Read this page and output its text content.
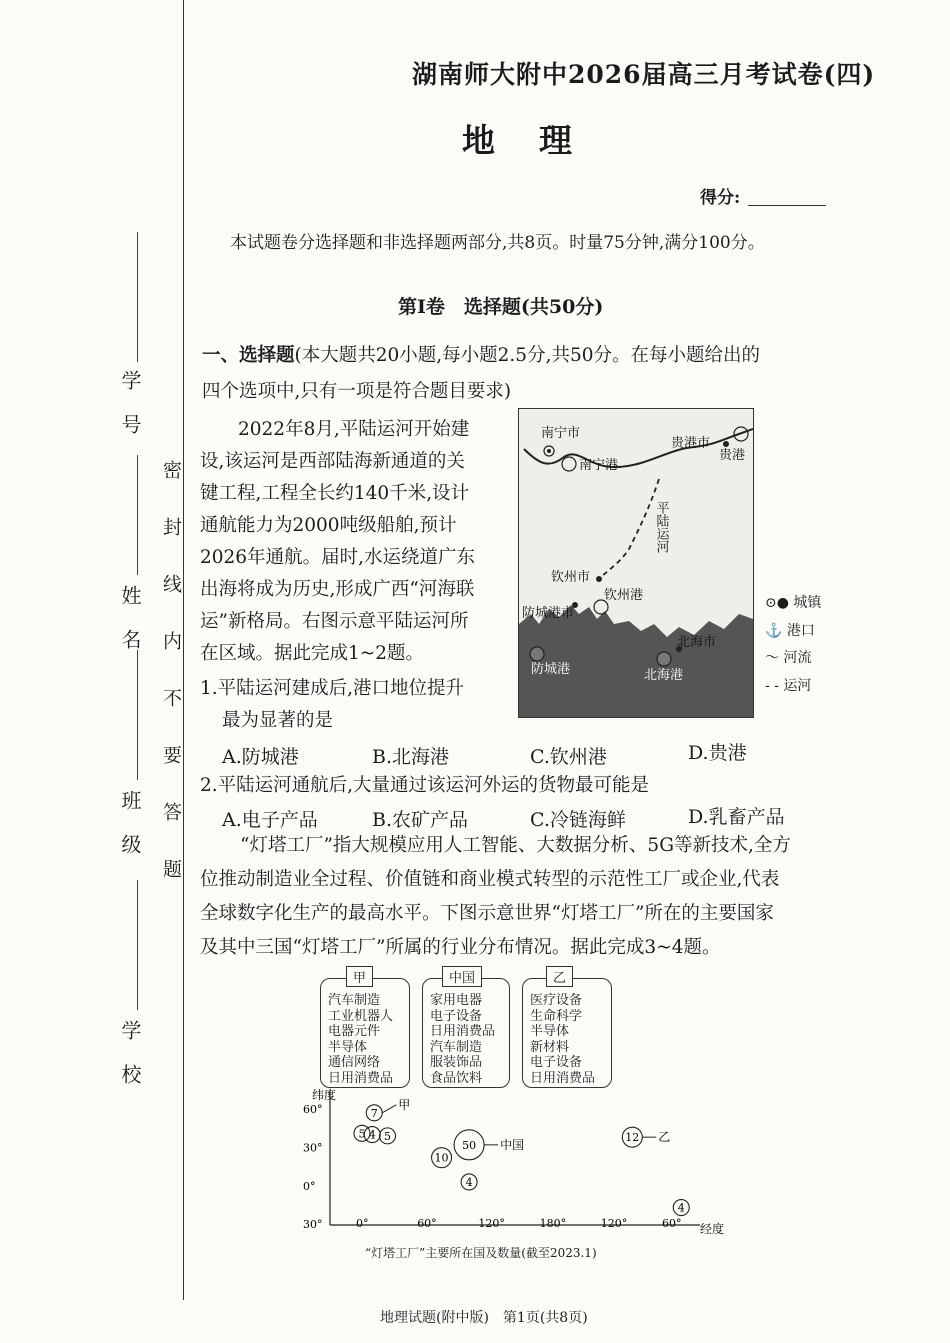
学　号
姓　名
班　级
学　校
密封线内不要答题
湖南师大附中2026届高三月考试卷(四)
地理
得分:
本试题卷分选择题和非选择题两部分,共8页。时量75分钟,满分100分。
第Ⅰ卷　选择题(共50分)
一、选择题(本大题共20小题,每小题2.5分,共50分。在每小题给出的
四个选项中,只有一项是符合题目要求)
2022年8月,平陆运河开始建
设,该运河是西部陆海新通道的关
键工程,工程全长约140千米,设计
通航能力为2000吨级船舶,预计
2026年通航。届时,水运绕道广东
出海将成为历史,形成广西“河海联
运”新格局。右图示意平陆运河所
在区域。据此完成1~2题。
1.平陆运河建成后,港口地位提升
最为显著的是
A.防城港	B.北海港	C.钦州港	D.贵港
2.平陆运河通航后,大量通过该运河外运的货物最可能是
A.电子产品	B.农矿产品	C.冷链海鲜	D.乳畜产品
南宁市
南宁港
贵港市
贵港
平陆运河
钦州市
钦州港
防城港市
防城港
北海市
北海港
⊙● 城镇
⚓ 港口
～ 河流
- - 运河
“灯塔工厂”指大规模应用人工智能、大数据分析、5G等新技术,全方
位推动制造业全过程、价值链和商业模式转型的示范性工厂或企业,代表
全球数字化生产的最高水平。下图示意世界“灯塔工厂”所在的主要国家
及其中三国“灯塔工厂”所属的行业分布情况。据此完成3~4题。
甲
汽车制造
工业机器人
电器元件
半导体
通信网络
日用消费品
中国
家用电器
电子设备
日用消费品
汽车制造
服装饰品
食品饮料
乙
医疗设备
生命科学
半导体
新材料
电子设备
日用消费品
纬度
经度
0°	60°	120°	180°	120°	60°
60°
30°
0°
30°
7
甲
5 4 5
10
50 中国
4
12 乙
4
“灯塔工厂”主要所在国及数量(截至2023.1)
地理试题(附中版)　第1页(共8页)
